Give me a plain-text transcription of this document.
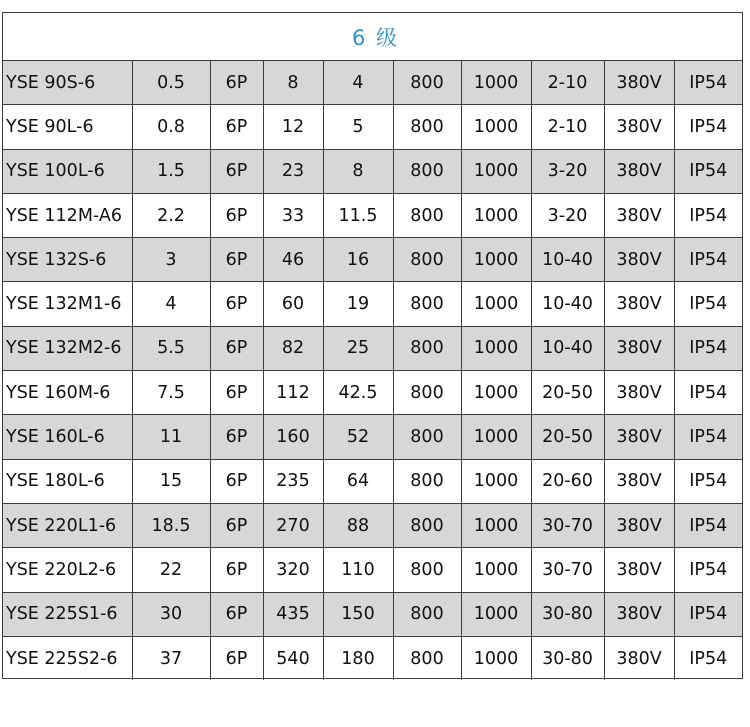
6 级
YSE 90S-6	0.5	6P	8	4	800	1000	2-10	380V	IP54
YSE 90L-6	0.8	6P	12	5	800	1000	2-10	380V	IP54
YSE 100L-6	1.5	6P	23	8	800	1000	3-20	380V	IP54
YSE 112M-A6	2.2	6P	33	11.5	800	1000	3-20	380V	IP54
YSE 132S-6	3	6P	46	16	800	1000	10-40	380V	IP54
YSE 132M1-6	4	6P	60	19	800	1000	10-40	380V	IP54
YSE 132M2-6	5.5	6P	82	25	800	1000	10-40	380V	IP54
YSE 160M-6	7.5	6P	112	42.5	800	1000	20-50	380V	IP54
YSE 160L-6	11	6P	160	52	800	1000	20-50	380V	IP54
YSE 180L-6	15	6P	235	64	800	1000	20-60	380V	IP54
YSE 220L1-6	18.5	6P	270	88	800	1000	30-70	380V	IP54
YSE 220L2-6	22	6P	320	110	800	1000	30-70	380V	IP54
YSE 225S1-6	30	6P	435	150	800	1000	30-80	380V	IP54
YSE 225S2-6	37	6P	540	180	800	1000	30-80	380V	IP54
